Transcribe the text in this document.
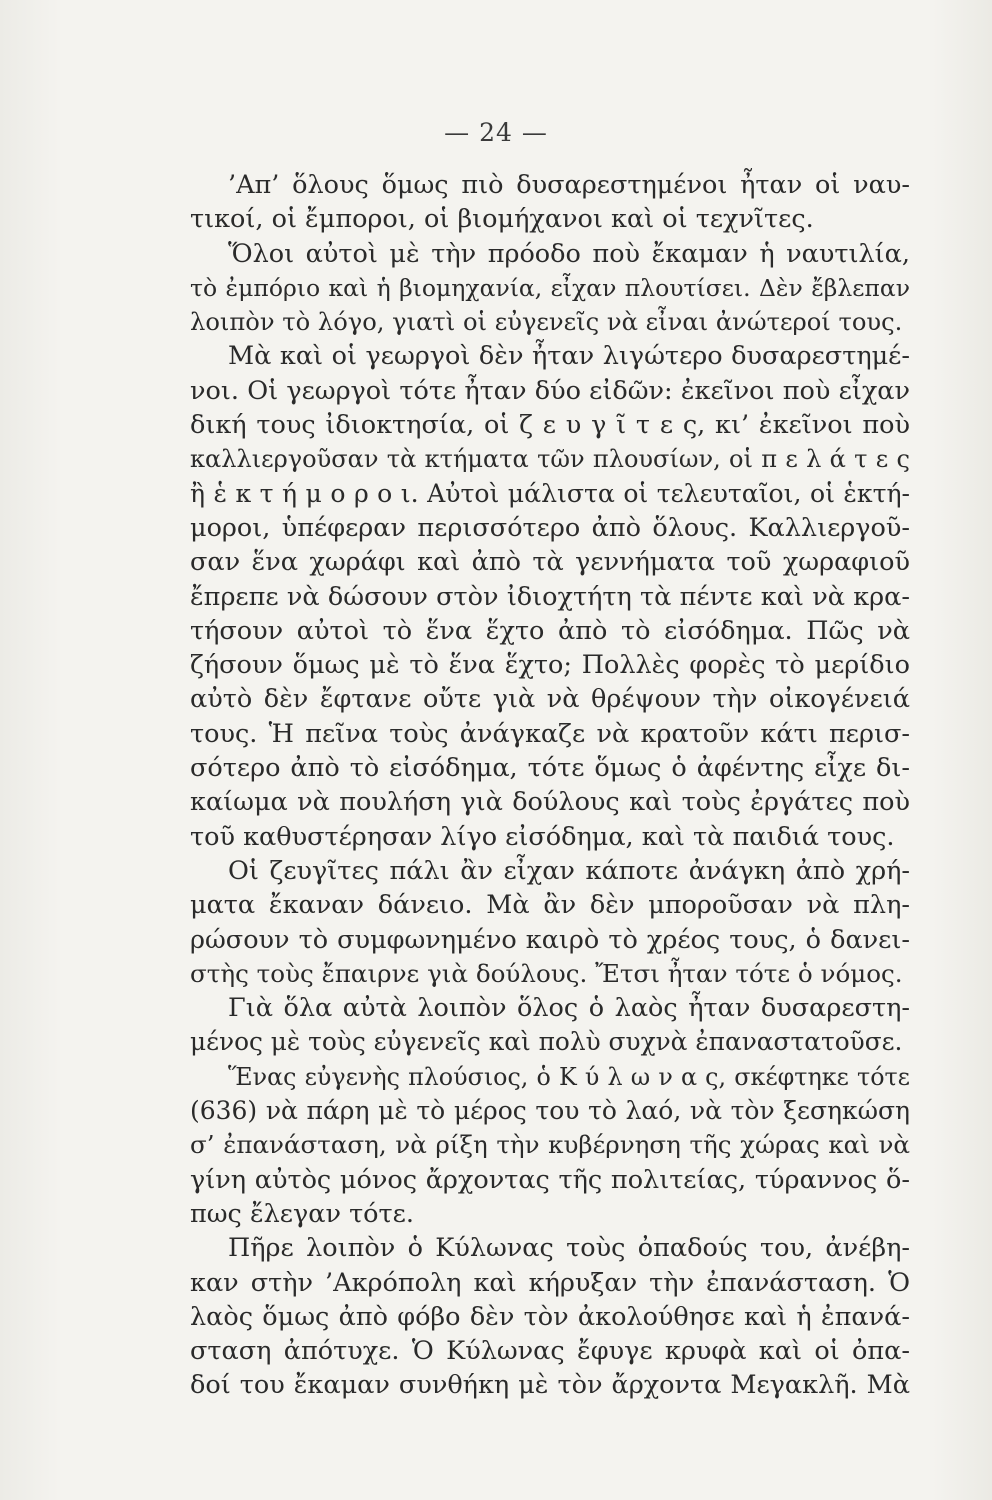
— 24 —
’Απ’ ὅλους ὅμως πιὸ δυσαρεστημένοι ἦταν οἱ ναυ-
τικοί, οἱ ἔμποροι, οἱ βιομήχανοι καὶ οἱ τεχνῖτες.
Ὅλοι αὐτοὶ μὲ τὴν πρόοδο ποὺ ἔκαμαν ἡ ναυτιλία,
τὸ ἐμπόριο καὶ ἡ βιομηχανία, εἶχαν πλουτίσει. Δὲν ἔβλεπαν
λοιπὸν τὸ λόγο, γιατὶ οἱ εὐγενεῖς νὰ εἶναι ἀνώτεροί τους.
Μὰ καὶ οἱ γεωργοὶ δὲν ἦταν λιγώτερο δυσαρεστημέ-
νοι. Οἱ γεωργοὶ τότε ἦταν δύο εἰδῶν: ἐκεῖνοι ποὺ εἶχαν
δική τους ἰδιοκτησία, οἱ ζ ε υ γ ῖ τ ε ς, κι’ ἐκεῖνοι ποὺ
καλλιεργοῦσαν τὰ κτήματα τῶν πλουσίων, οἱ π ε λ ά τ ε ς
ἢ ἑ κ τ ή μ ο ρ ο ι. Αὐτοὶ μάλιστα οἱ τελευταῖοι, οἱ ἑκτή-
μοροι, ὑπέφεραν περισσότερο ἀπὸ ὅλους. Καλλιεργοῦ-
σαν ἕνα χωράφι καὶ ἀπὸ τὰ γεννήματα τοῦ χωραφιοῦ
ἔπρεπε νὰ δώσουν στὸν ἰδιοχτήτη τὰ πέντε καὶ νὰ κρα-
τήσουν αὐτοὶ τὸ ἕνα ἕχτο ἀπὸ τὸ εἰσόδημα. Πῶς νὰ
ζήσουν ὅμως μὲ τὸ ἕνα ἕχτο; Πολλὲς φορὲς τὸ μερίδιο
αὐτὸ δὲν ἔφτανε οὔτε γιὰ νὰ θρέψουν τὴν οἰκογένειά
τους. Ἡ πεῖνα τοὺς ἀνάγκαζε νὰ κρατοῦν κάτι περισ-
σότερο ἀπὸ τὸ εἰσόδημα, τότε ὅμως ὁ ἀφέντης εἶχε δι-
καίωμα νὰ πουλήση γιὰ δούλους καὶ τοὺς ἐργάτες ποὺ
τοῦ καθυστέρησαν λίγο εἰσόδημα, καὶ τὰ παιδιά τους.
Οἱ ζευγῖτες πάλι ἂν εἶχαν κάποτε ἀνάγκη ἀπὸ χρή-
ματα ἔκαναν δάνειο. Μὰ ἂν δὲν μποροῦσαν νὰ πλη-
ρώσουν τὸ συμφωνημένο καιρὸ τὸ χρέος τους, ὁ δανει-
στὴς τοὺς ἔπαιρνε γιὰ δούλους. Ἔτσι ἦταν τότε ὁ νόμος.
Γιὰ ὅλα αὐτὰ λοιπὸν ὅλος ὁ λαὸς ἦταν δυσαρεστη-
μένος μὲ τοὺς εὐγενεῖς καὶ πολὺ συχνὰ ἐπαναστατοῦσε.
Ἕνας εὐγενὴς πλούσιος, ὁ Κ ύ λ ω ν α ς, σκέφτηκε τότε
(636) νὰ πάρη μὲ τὸ μέρος του τὸ λαό, νὰ τὸν ξεσηκώση
σ’ ἐπανάσταση, νὰ ρίξη τὴν κυβέρνηση τῆς χώρας καὶ νὰ
γίνη αὐτὸς μόνος ἄρχοντας τῆς πολιτείας, τύραννος ὅ-
πως ἔλεγαν τότε.
Πῆρε λοιπὸν ὁ Κύλωνας τοὺς ὀπαδούς του, ἀνέβη-
καν στὴν ’Ακρόπολη καὶ κήρυξαν τὴν ἐπανάσταση. Ὁ
λαὸς ὅμως ἀπὸ φόβο δὲν τὸν ἀκολούθησε καὶ ἡ ἐπανά-
σταση ἀπότυχε. Ὁ Κύλωνας ἔφυγε κρυφὰ καὶ οἱ ὀπα-
δοί του ἔκαμαν συνθήκη μὲ τὸν ἄρχοντα Μεγακλῆ. Μὰ
